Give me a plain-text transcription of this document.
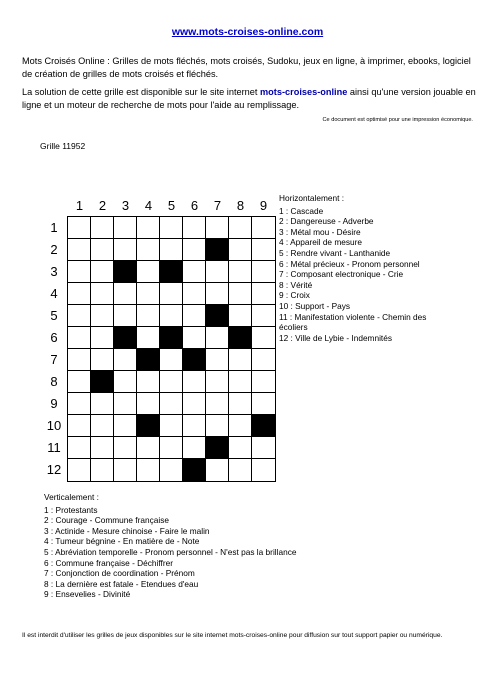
www.mots-croises-online.com
Mots Croisés Online : Grilles de mots fléchés, mots croisés, Sudoku, jeux en ligne, à imprimer, ebooks, logiciel de création de grilles de mots croisés et fléchés.
La solution de cette grille est disponible sur le site internet mots-croises-online ainsi qu'une version jouable en ligne et un moteur de recherche de mots pour l'aide au remplissage.
Ce document est optimisé pour une impression économique.
Grille 11952
1	2	3	4	5	6	7	8	9
1
2
3
4
5
6
7
8
9
10
11
12
Horizontalement :
1 : Cascade
2 : Dangereuse - Adverbe
3 : Métal mou - Désire
4 : Appareil de mesure
5 : Rendre vivant - Lanthanide
6 : Métal précieux - Pronom personnel
7 : Composant electronique - Crie
8 : Vérité
9 : Croix
10 : Support - Pays
11 : Manifestation violente - Chemin des écoliers
12 : Ville de Lybie - Indemnités
Verticalement :
1 : Protestants
2 : Courage - Commune française
3 : Actinide - Mesure chinoise - Faire le malin
4 : Tumeur bégnine - En matière de - Note
5 : Abréviation temporelle - Pronom personnel - N'est pas la brillance
6 : Commune française - Déchiffrer
7 : Conjonction de coordination - Prénom
8 : La dernière est fatale - Etendues d'eau
9 : Ensevelies - Divinité
Il est interdit d'utiliser les grilles de jeux disponibles sur le site internet mots-croises-online pour diffusion sur tout support papier ou numérique.
